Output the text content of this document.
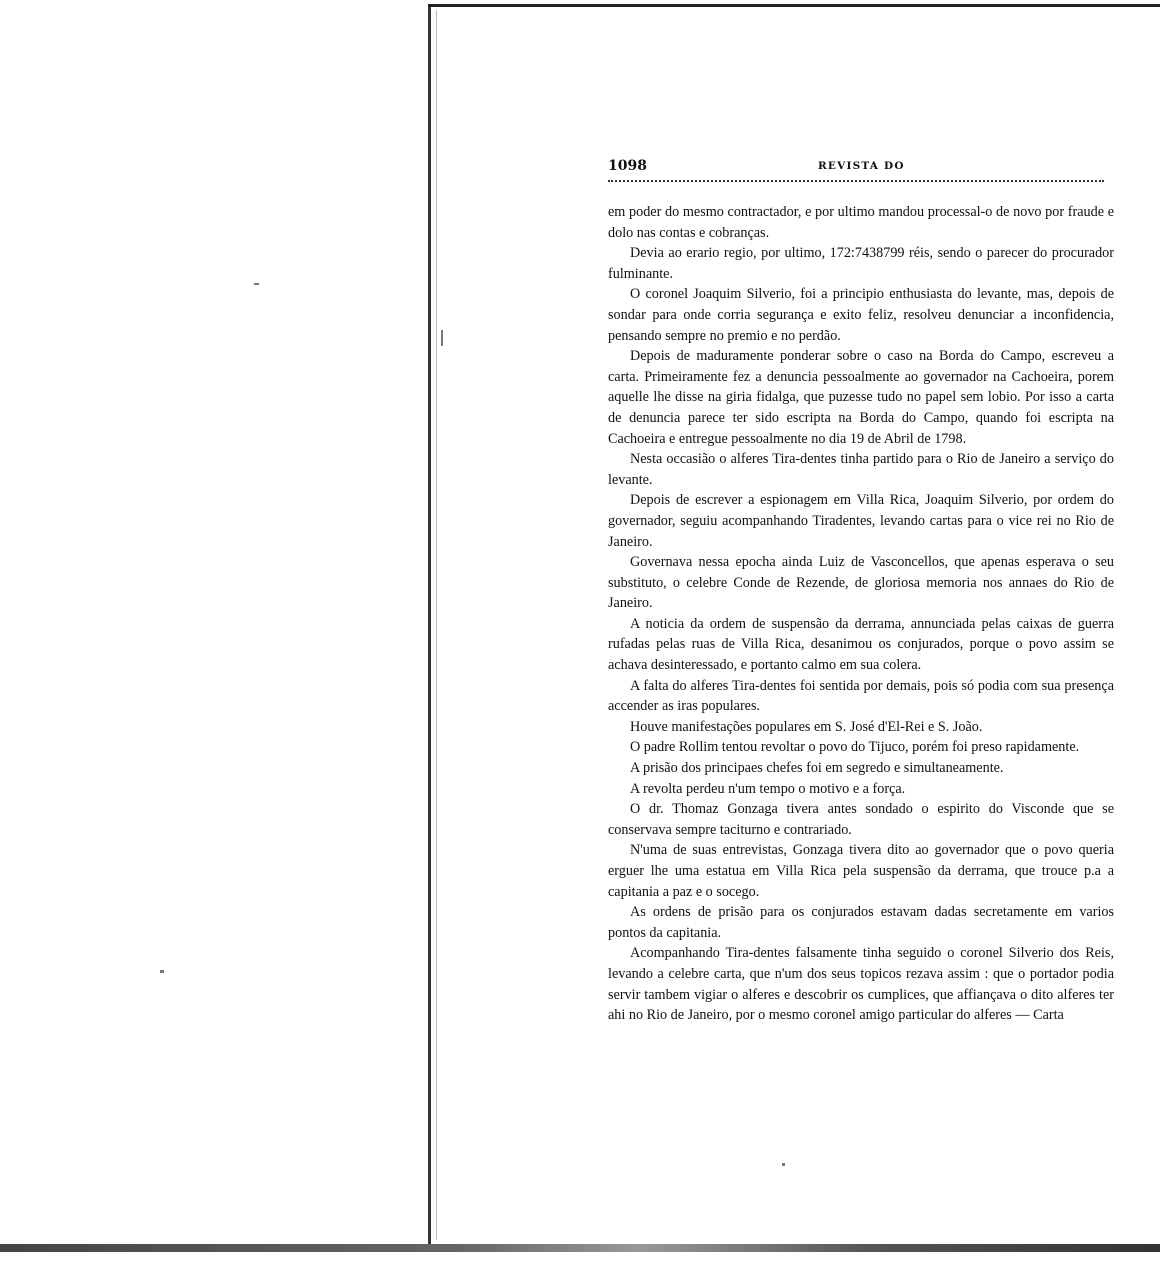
1098	REVISTA DO

em poder do mesmo contractador, e por ultimo mandou processal-o de novo por fraude e dolo nas contas e cobranças.

Devia ao erario regio, por ultimo, 172:7438799 réis, sendo o parecer do procurador fulminante.

O coronel Joaquim Silverio, foi a principio enthusiasta do levante, mas, depois de sondar para onde corria segurança e exito feliz, resolveu denunciar a inconfidencia, pensando sempre no premio e no perdão.

Depois de maduramente ponderar sobre o caso na Borda do Campo, escreveu a carta. Primeiramente fez a denuncia pessoalmente ao governador na Cachoeira, porem aquelle lhe disse na giria fidalga, que puzesse tudo no papel sem lobio. Por isso a carta de denuncia parece ter sido escripta na Borda do Campo, quando foi escripta na Cachoeira e entregue pessoalmente no dia 19 de Abril de 1798.

Nesta occasião o alferes Tira-dentes tinha partido para o Rio de Janeiro a serviço do levante.

Depois de escrever a espionagem em Villa Rica, Joaquim Silverio, por ordem do governador, seguiu acompanhando Tiradentes, levando cartas para o vice rei no Rio de Janeiro.

Governava nessa epocha ainda Luiz de Vasconcellos, que apenas esperava o seu substituto, o celebre Conde de Rezende, de gloriosa memoria nos annaes do Rio de Janeiro.

A noticia da ordem de suspensão da derrama, annunciada pelas caixas de guerra rufadas pelas ruas de Villa Rica, desanimou os conjurados, porque o povo assim se achava desinteressado, e portanto calmo em sua colera.

A falta do alferes Tira-dentes foi sentida por demais, pois só podia com sua presença accender as iras populares.

Houve manifestações populares em S. José d'El-Rei e S. João.

O padre Rollim tentou revoltar o povo do Tijuco, porém foi preso rapidamente.

A prisão dos principaes chefes foi em segredo e simultaneamente.

A revolta perdeu n'um tempo o motivo e a força.

O dr. Thomaz Gonzaga tivera antes sondado o espirito do Visconde que se conservava sempre taciturno e contrariado.

N'uma de suas entrevistas, Gonzaga tivera dito ao governador que o povo queria erguer lhe uma estatua em Villa Rica pela suspensão da derrama, que trouce p.a a capitania a paz e o socego.

As ordens de prisão para os conjurados estavam dadas secretamente em varios pontos da capitania.

Acompanhando Tira-dentes falsamente tinha seguido o coronel Silverio dos Reis, levando a celebre carta, que n'um dos seus topicos rezava assim : que o portador podia servir tambem vigiar o alferes e descobrir os cumplices, que affiançava o dito alferes ter ahi no Rio de Janeiro, por o mesmo coronel amigo particular do alferes — Carta
